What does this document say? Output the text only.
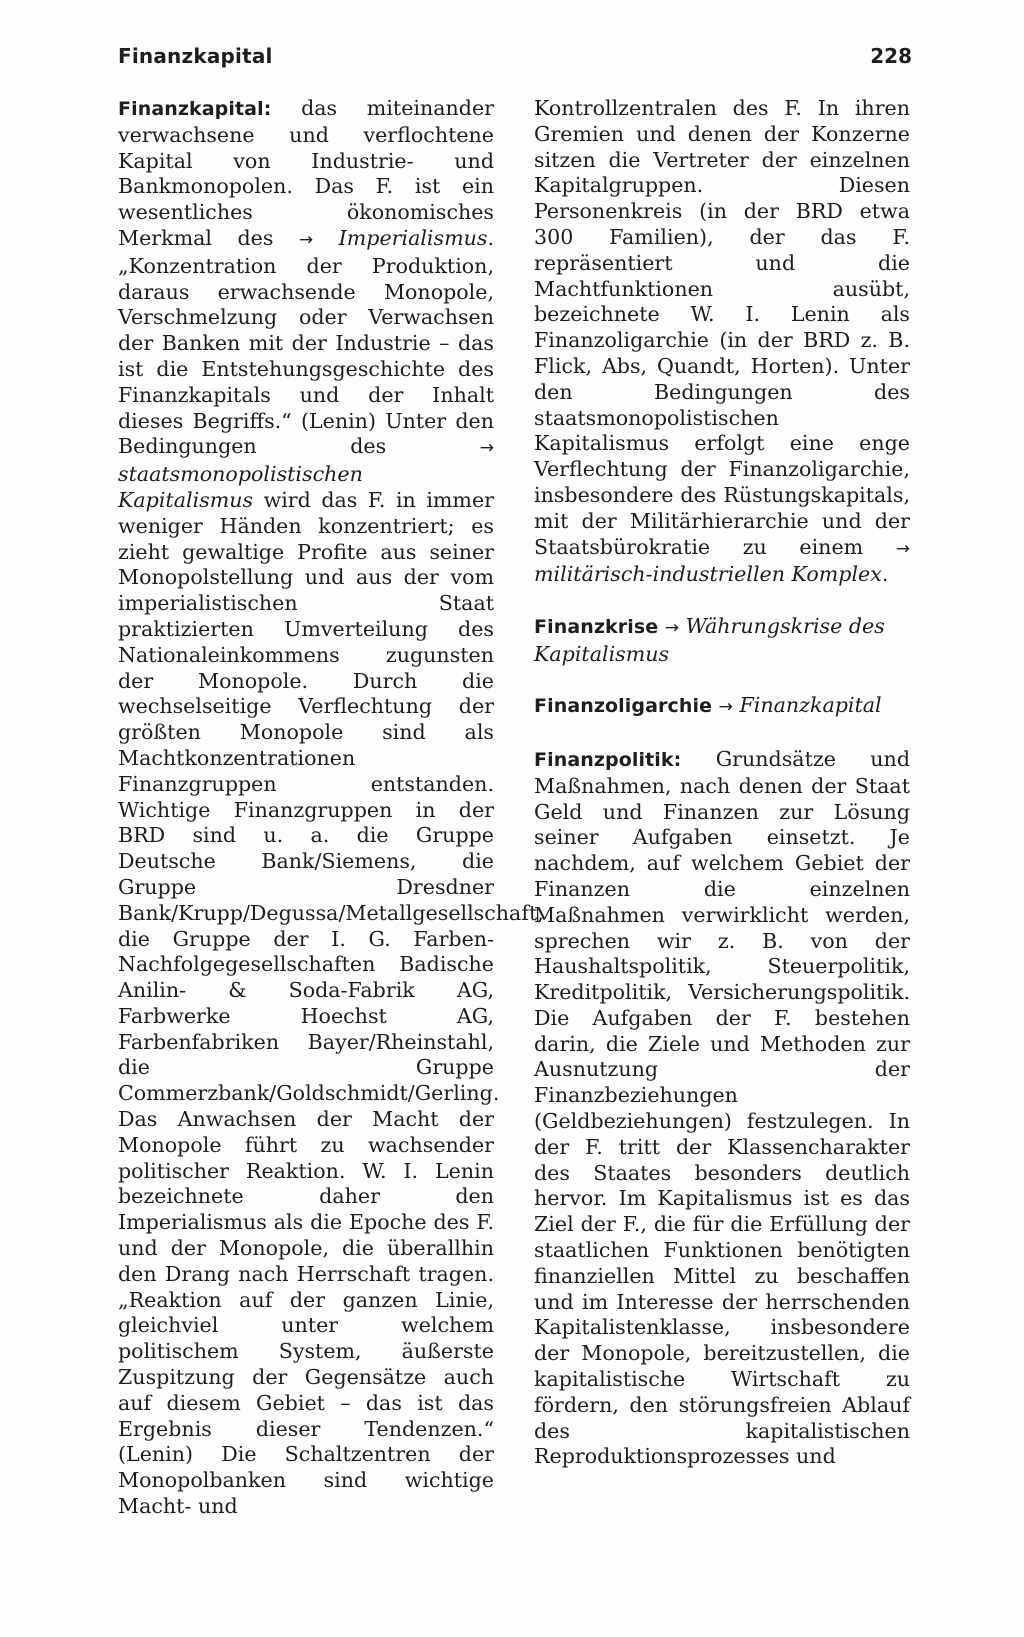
Finanzkapital	228

Finanzkapital: das miteinander verwachsene und verflochtene Kapital von Industrie- und Bankmonopolen. Das F. ist ein wesentliches ökonomisches Merkmal des → Imperialismus. „Konzentration der Produktion, daraus erwachsende Monopole, Verschmelzung oder Verwachsen der Banken mit der Industrie – das ist die Entstehungsgeschichte des Finanzkapitals und der Inhalt dieses Begriffs.“ (Lenin) Unter den Bedingungen des → staatsmonopolistischen Kapitalismus wird das F. in immer weniger Händen konzentriert; es zieht gewaltige Profite aus seiner Monopolstellung und aus der vom imperialistischen Staat praktizierten Umverteilung des Nationaleinkommens zugunsten der Monopole. Durch die wechselseitige Verflechtung der größten Monopole sind als Machtkonzentrationen Finanzgruppen entstanden. Wichtige Finanzgruppen in der BRD sind u. a. die Gruppe Deutsche Bank/Siemens, die Gruppe Dresdner Bank/Krupp/Degussa/Metallgesellschaft, die Gruppe der I. G. Farben-Nachfolgegesellschaften Badische Anilin- & Soda-Fabrik AG, Farbwerke Hoechst AG, Farbenfabriken Bayer/Rheinstahl, die Gruppe Commerzbank/Goldschmidt/Gerling. Das Anwachsen der Macht der Monopole führt zu wachsender politischer Reaktion. W. I. Lenin bezeichnete daher den Imperialismus als die Epoche des F. und der Monopole, die überallhin den Drang nach Herrschaft tragen. „Reaktion auf der ganzen Linie, gleichviel unter welchem politischem System, äußerste Zuspitzung der Gegensätze auch auf diesem Gebiet – das ist das Ergebnis dieser Tendenzen.“ (Lenin) Die Schaltzentren der Monopolbanken sind wichtige Macht- und

Kontrollzentralen des F. In ihren Gremien und denen der Konzerne sitzen die Vertreter der einzelnen Kapitalgruppen. Diesen Personenkreis (in der BRD etwa 300 Familien), der das F. repräsentiert und die Machtfunktionen ausübt, bezeichnete W. I. Lenin als Finanzoligarchie (in der BRD z. B. Flick, Abs, Quandt, Horten). Unter den Bedingungen des staatsmonopolistischen Kapitalismus erfolgt eine enge Verflechtung der Finanzoligarchie, insbesondere des Rüstungskapitals, mit der Militärhierarchie und der Staatsbürokratie zu einem → militärisch-industriellen Komplex.

Finanzkrise → Währungskrise des Kapitalismus

Finanzoligarchie → Finanzkapital

Finanzpolitik: Grundsätze und Maßnahmen, nach denen der Staat Geld und Finanzen zur Lösung seiner Aufgaben einsetzt. Je nachdem, auf welchem Gebiet der Finanzen die einzelnen Maßnahmen verwirklicht werden, sprechen wir z. B. von der Haushaltspolitik, Steuerpolitik, Kreditpolitik, Versicherungspolitik. Die Aufgaben der F. bestehen darin, die Ziele und Methoden zur Ausnutzung der Finanzbeziehungen (Geldbeziehungen) festzulegen. In der F. tritt der Klassencharakter des Staates besonders deutlich hervor. Im Kapitalismus ist es das Ziel der F., die für die Erfüllung der staatlichen Funktionen benötigten finanziellen Mittel zu beschaffen und im Interesse der herrschenden Kapitalistenklasse, insbesondere der Monopole, bereitzustellen, die kapitalistische Wirtschaft zu fördern, den störungsfreien Ablauf des kapitalistischen Reproduktionsprozesses und
